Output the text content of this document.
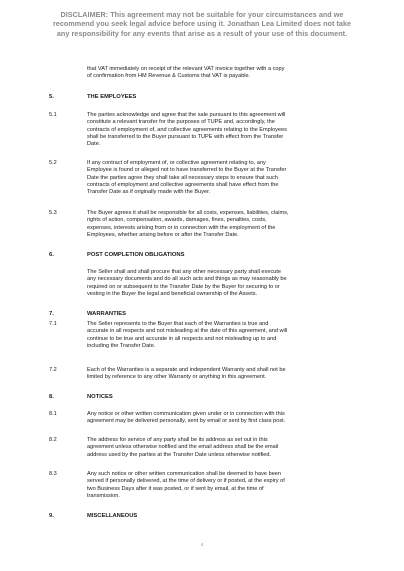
DISCLAIMER: This agreement may not be suitable for your circumstances and we
recommend you seek legal advice before using it. Jonathan Lea Limited does not take
any responsibility for any events that arise as a result of your use of this document.
that VAT immediately on receipt of the relevant VAT invoice together with a copy
of confirmation from HM Revenue & Customs that VAT is payable.
5.	THE EMPLOYEES
5.1	The parties acknowledge and agree that the sale pursuant to this agreement will
constitute a relevant transfer for the purposes of TUPE and, accordingly, the
contracts of employment of, and collective agreements relating to the Employees
shall be transferred to the Buyer pursuant to TUPE with effect from the Transfer
Date.
5.2	If any contract of employment of, or collective agreement relating to, any
Employee is found or alleged not to have transferred to the Buyer at the Transfer
Date the parties agree they shall take all necessary steps to ensure that such
contracts of employment and collective agreements shall have effect from the
Transfer Date as if originally made with the Buyer.
5.3	The Buyer agrees it shall be responsible for all costs, expenses, liabilities, claims,
rights of action, compensation, awards, damages, fines, penalties, costs,
expenses, interests arising from or in connection with the employment of the
Employees, whether arising before or after the Transfer Date.
6.	POST COMPLETION OBLIGATIONS
The Seller shall and shall procure that any other necessary party shall execute
any necessary documents and do all such acts and things as may reasonably be
required on or subsequent to the Transfer Date by the Buyer for securing to or
vesting in the Buyer the legal and beneficial ownership of the Assets.
7.	WARRANTIES
7.1	The Seller represents to the Buyer that each of the Warranties is true and
accurate in all respects and not misleading at the date of this agreement, and will
continue to be true and accurate in all respects and not misleading up to and
including the Transfer Date.
7.2	Each of the Warranties is a separate and independent Warranty and shall not be
limited by reference to any other Warranty or anything in this agreement.
8.	NOTICES
8.1	Any notice or other written communication given under or in connection with this
agreement may be delivered personally, sent by email or sent by first class post.
8.2	The address for service of any party shall be its address as set out in this
agreement unless otherwise notified and the email address shall be the email
address used by the parties at the Transfer Date unless otherwise notified.
8.3	Any such notice or other written communication shall be deemed to have been
served if personally delivered, at the time of delivery or if posted, at the expiry of
two Business Days after it was posted, or if sent by email, at the time of
transmission.
9.	MISCELLANEOUS
4
